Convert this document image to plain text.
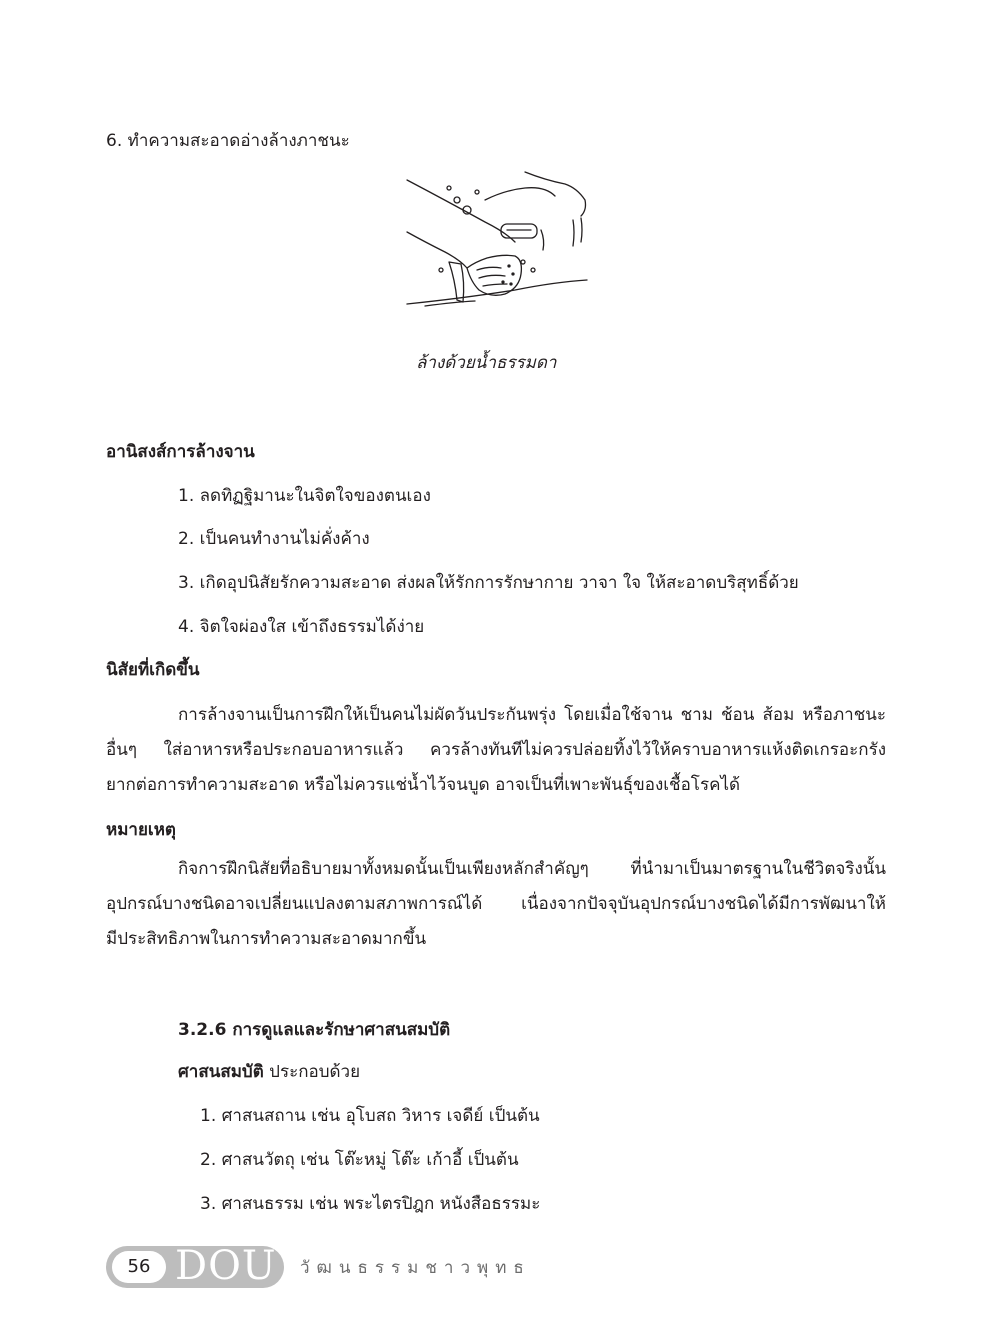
6. ทำความสะอาดอ่างล้างภาชนะ
ล้างด้วยน้ำธรรมดา
อานิสงส์การล้างจาน
1. ลดทิฏฐิมานะในจิตใจของตนเอง
2. เป็นคนทำงานไม่คั่งค้าง
3. เกิดอุปนิสัยรักความสะอาด ส่งผลให้รักการรักษากาย วาจา ใจ ให้สะอาดบริสุทธิ์ด้วย
4. จิตใจผ่องใส เข้าถึงธรรมได้ง่าย
นิสัยที่เกิดขึ้น
การล้างจานเป็นการฝึกให้เป็นคนไม่ผัดวันประกันพรุ่ง โดยเมื่อใช้จาน ชาม ช้อน ส้อม หรือภาชนะ
อื่นๆ ใส่อาหารหรือประกอบอาหารแล้ว ควรล้างทันทีไม่ควรปล่อยทิ้งไว้ให้คราบอาหารแห้งติดเกรอะกรัง
ยากต่อการทำความสะอาด หรือไม่ควรแช่น้ำไว้จนบูด อาจเป็นที่เพาะพันธุ์ของเชื้อโรคได้
หมายเหตุ
กิจการฝึกนิสัยที่อธิบายมาทั้งหมดนั้นเป็นเพียงหลักสำคัญๆ ที่นำมาเป็นมาตรฐานในชีวิตจริงนั้น
อุปกรณ์บางชนิดอาจเปลี่ยนแปลงตามสภาพการณ์ได้ เนื่องจากปัจจุบันอุปกรณ์บางชนิดได้มีการพัฒนาให้
มีประสิทธิภาพในการทำความสะอาดมากขึ้น
3.2.6 การดูแลและรักษาศาสนสมบัติ
ศาสนสมบัติ ประกอบด้วย
1. ศาสนสถาน เช่น อุโบสถ วิหาร เจดีย์ เป็นต้น
2. ศาสนวัตถุ เช่น โต๊ะหมู่ โต๊ะ เก้าอี้ เป็นต้น
3. ศาสนธรรม เช่น พระไตรปิฎก หนังสือธรรมะ
56 DOU วัฒนธรรมชาวพุทธ
